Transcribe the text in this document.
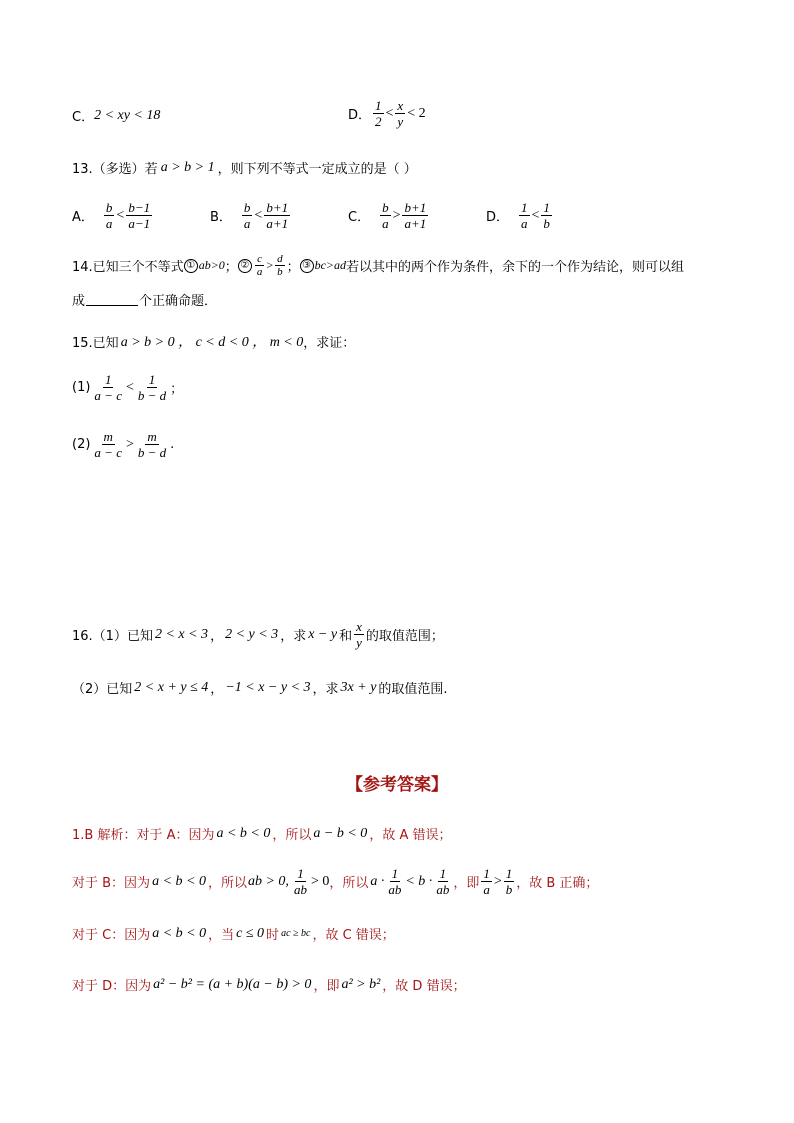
C． 2 < xy < 18	D． $\frac{1}{2} < \frac{x}{y} < 2$
13.（多选）若 a > b > 1 ，则下列不等式一定成立的是（ ）
A． $\frac{b}{a} < \frac{b-1}{a-1}$	B． $\frac{b}{a} < \frac{b+1}{a+1}$	C． $\frac{b}{a} > \frac{b+1}{a+1}$	D． $\frac{1}{a} < \frac{1}{b}$
14.已知三个不等式 ① ab>0 ； ② $\frac{c}{a} > \frac{d}{b}$ ； ③ bc>ad 若以其中的两个作为条件，余下的一个作为结论，则可以组
成	个正确命题．
15.已知 a > b > 0 ， c < d < 0 ， m < 0 ，求证：
$(1) \frac{1}{a - c} < \frac{1}{b - d}$ ；
$(2) \frac{m}{a - c} > \frac{m}{b - d}$ .
16.（1）已知 2 < x < 3 ， 2 < y < 3 ，求 x − y 和 $\frac{x}{y}$ 的取值范围；
（2）已知 2 < x + y ≤ 4 ， −1 < x − y < 3 ，求 3x + y 的取值范围.
【参考答案】
1.B 解析：对于 A：因为 a < b < 0 ，所以 a − b < 0 ，故 A 错误；
对于 B：因为 a < b < 0 ，所以 ab > 0, $\frac{1}{ab} > 0$ ，所以 $a \cdot \frac{1}{ab} < b \cdot \frac{1}{ab}$ ，即 $\frac{1}{a} > \frac{1}{b}$ ，故 B 正确；
对于 C：因为 a < b < 0 ，当 c ≤ 0 时 ac ≥ bc ，故 C 错误；
对于 D：因为 a² − b² = (a + b)(a − b) > 0 ，即 a² > b² ，故 D 错误；
